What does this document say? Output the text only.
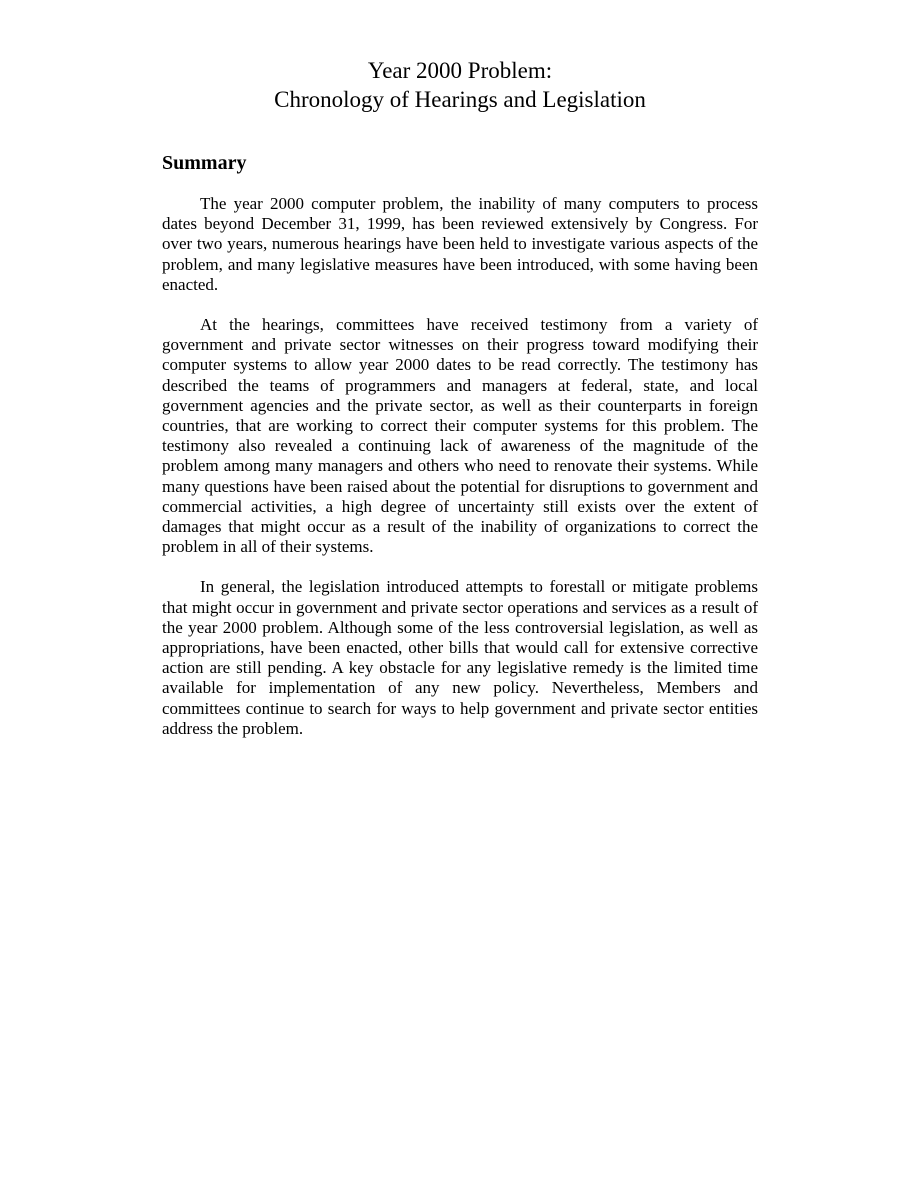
Year 2000 Problem:
Chronology of Hearings and Legislation
Summary

The year 2000 computer problem, the inability of many computers to process dates beyond December 31, 1999, has been reviewed extensively by Congress. For over two years, numerous hearings have been held to investigate various aspects of the problem, and many legislative measures have been introduced, with some having been enacted.

At the hearings, committees have received testimony from a variety of government and private sector witnesses on their progress toward modifying their computer systems to allow year 2000 dates to be read correctly. The testimony has described the teams of programmers and managers at federal, state, and local government agencies and the private sector, as well as their counterparts in foreign countries, that are working to correct their computer systems for this problem. The testimony also revealed a continuing lack of awareness of the magnitude of the problem among many managers and others who need to renovate their systems. While many questions have been raised about the potential for disruptions to government and commercial activities, a high degree of uncertainty still exists over the extent of damages that might occur as a result of the inability of organizations to correct the problem in all of their systems.

In general, the legislation introduced attempts to forestall or mitigate problems that might occur in government and private sector operations and services as a result of the year 2000 problem. Although some of the less controversial legislation, as well as appropriations, have been enacted, other bills that would call for extensive corrective action are still pending. A key obstacle for any legislative remedy is the limited time available for implementation of any new policy. Nevertheless, Members and committees continue to search for ways to help government and private sector entities address the problem.
